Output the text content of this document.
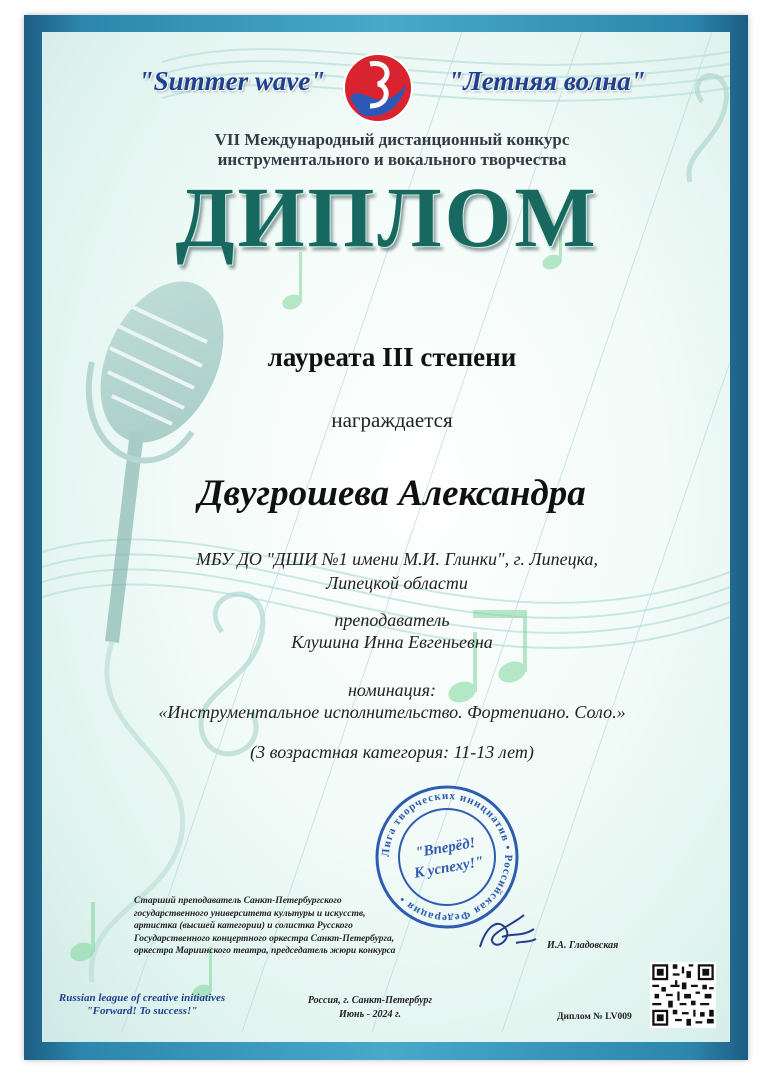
"Summer wave"	"Летняя волна"
VII Международный дистанционный конкурс
инструментального и вокального творчества
ДИПЛОМ
лауреата III степени
награждается
Двугрошева Александра
МБУ ДО "ДШИ №1 имени М.И. Глинки", г. Липецка,
Липецкой области
преподаватель
Клушина Инна Евгеньевна
номинация:
«Инструментальное исполнительство. Фортепиано. Соло.»
(3 возрастная категория: 11-13 лет)
Лига творческих инициатив • Российская Федерация •
"Вперёд!
К успеху!"
Старший преподаватель Санкт-Петербургского
государственного университета культуры и искусств,
артистка (высшей категории) и солистка Русского
Государственного концертного оркестра Санкт-Петербурга,
оркестра Мариинского театра, председатель жюри конкурса	И.А. Гладовская
Russian league of creative initiatives
"Forward! To success!"
Россия, г. Санкт-Петербург
Июнь - 2024 г.	Диплом № LV009
